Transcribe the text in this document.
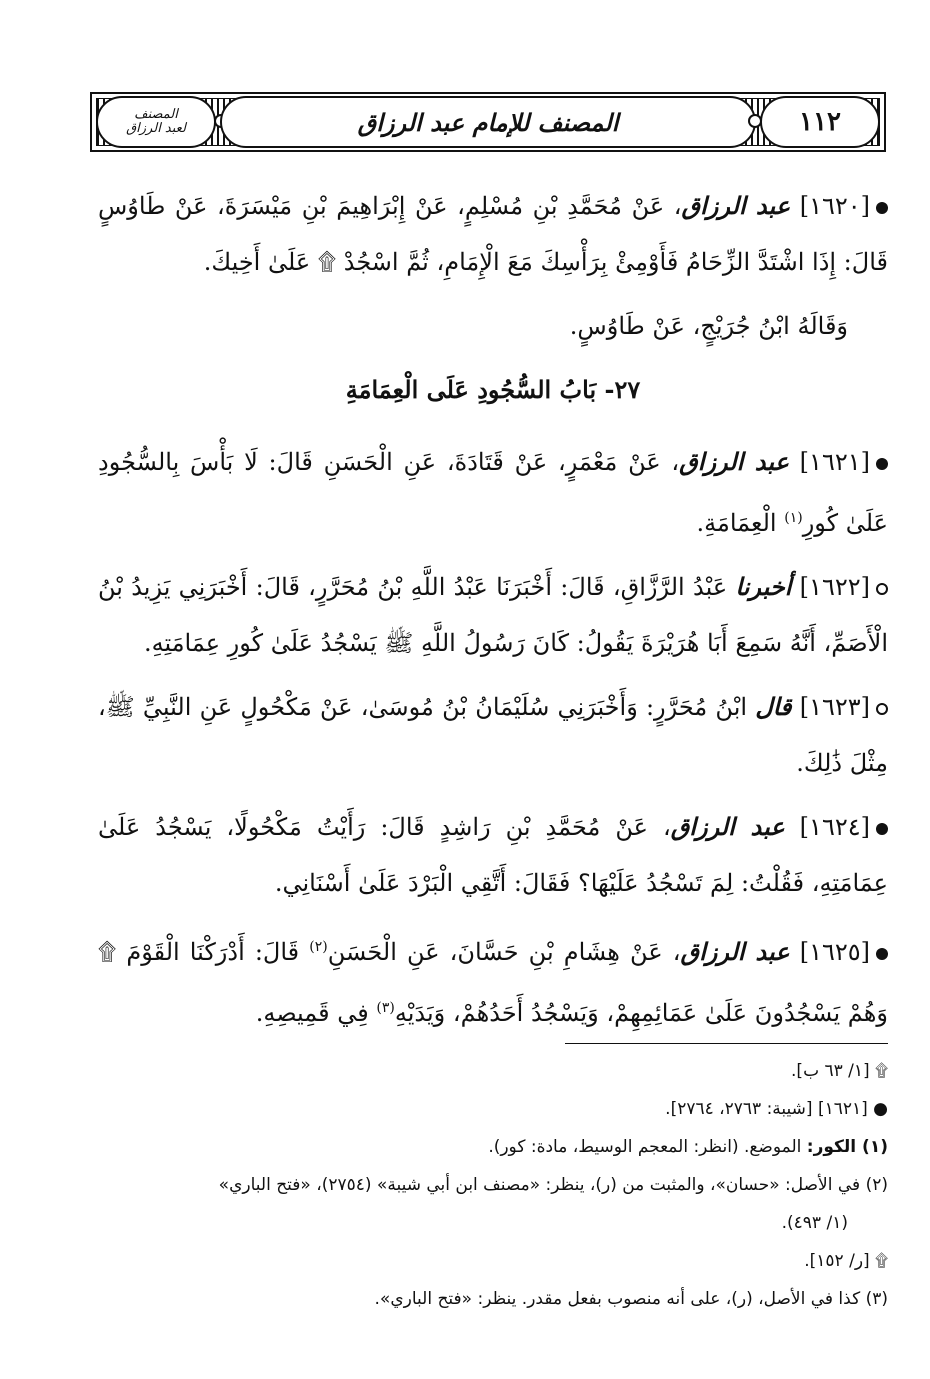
المصنف
لعبد الرزاق	المصنف للإمام عبد الرزاق	١١٢

[١٦٢٠] عبد الرزاق، عَنْ مُحَمَّدِ بْنِ مُسْلِمٍ، عَنْ إِبْرَاهِيمَ بْنِ مَيْسَرَةَ، عَنْ طَاوُسٍ قَالَ: إِذَا اشْتَدَّ الزِّحَامُ فَأَوْمِئْ بِرَأْسِكَ مَعَ الْإِمَامِ، ثُمَّ اسْجُدْ ۩ عَلَىٰ أَخِيكَ.

وَقَالَهُ ابْنُ جُرَيْجٍ، عَنْ طَاوُسٍ.

٢٧- بَابُ السُّجُودِ عَلَى الْعِمَامَةِ

[١٦٢١] عبد الرزاق، عَنْ مَعْمَرٍ، عَنْ قَتَادَةَ، عَنِ الْحَسَنِ قَالَ: لَا بَأْسَ بِالسُّجُودِ عَلَىٰ كُورِ$^{(١)}$ الْعِمَامَةِ.

[١٦٢٢] أخبرنا عَبْدُ الرَّزَّاقِ، قَالَ: أَخْبَرَنَا عَبْدُ اللَّهِ بْنُ مُحَرَّرٍ، قَالَ: أَخْبَرَنِي يَزِيدُ بْنُ الْأَصَمِّ، أَنَّهُ سَمِعَ أَبَا هُرَيْرَةَ يَقُولُ: كَانَ رَسُولُ اللَّهِ ﷺ يَسْجُدُ عَلَىٰ كُورِ عِمَامَتِهِ.

[١٦٢٣] قال ابْنُ مُحَرَّرٍ: وَأَخْبَرَنِي سُلَيْمَانُ بْنُ مُوسَىٰ، عَنْ مَكْحُولٍ عَنِ النَّبِيِّ ﷺ، مِثْلَ ذَٰلِكَ.

[١٦٢٤] عبد الرزاق، عَنْ مُحَمَّدِ بْنِ رَاشِدٍ قَالَ: رَأَيْتُ مَكْحُولًا، يَسْجُدُ عَلَىٰ عِمَامَتِهِ، فَقُلْتُ: لِمَ تَسْجُدُ عَلَيْهَا؟ فَقَالَ: أَتَّقِي الْبَرْدَ عَلَىٰ أَسْنَانِي.

[١٦٢٥] عبد الرزاق، عَنْ هِشَامِ بْنِ حَسَّانَ، عَنِ الْحَسَنِ$^{(٢)}$ قَالَ: أَدْرَكْنَا الْقَوْمَ ۩ وَهُمْ يَسْجُدُونَ عَلَىٰ عَمَائِمِهِمْ، وَيَسْجُدُ أَحَدُهُمْ، وَيَدَيْهِ$^{(٣)}$ فِي قَمِيصِهِ.

۩ [١/ ٦٣ ب].

● [١٦٢١] [شيبة: ٢٧٦٣، ٢٧٦٤].

(١) الكور: الموضع. (انظر: المعجم الوسيط، مادة: كور).

(٢) في الأصل: «حسان»، والمثبت من (ر)، ينظر: «مصنف ابن أبي شيبة» (٢٧٥٤)، «فتح الباري»
(١/ ٤٩٣).

۩ [ر/ ١٥٢].

(٣) كذا في الأصل، (ر)، على أنه منصوب بفعل مقدر. ينظر: «فتح الباري».
